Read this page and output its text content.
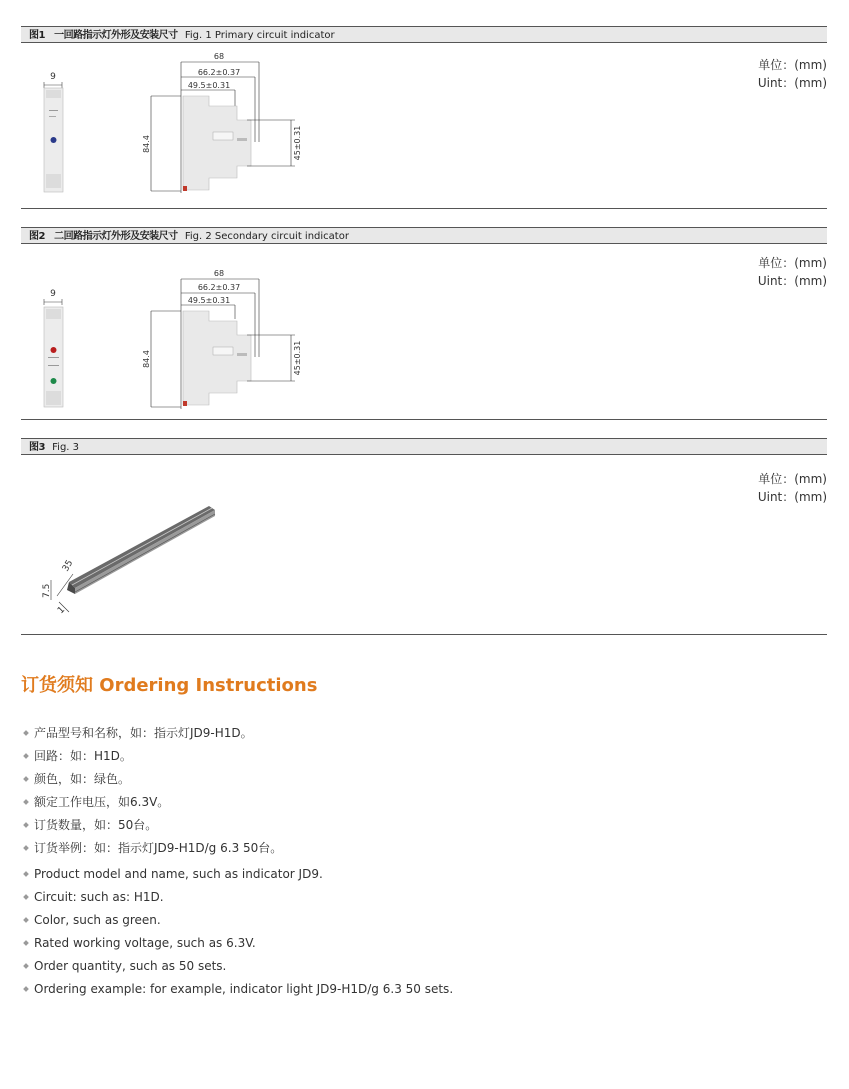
图1 一回路指示灯外形及安装尺寸 Fig. 1 Primary circuit indicator
单位：(mm)
Uint：(mm)
9
68
66.2±0.37
49.5±0.31
84.4	45±0.31
图2 二回路指示灯外形及安装尺寸 Fig. 2 Secondary circuit indicator
单位：(mm)
Uint：(mm)
9
68
66.2±0.37
49.5±0.31
84.4	45±0.31
图3 Fig. 3
单位：(mm)
Uint：(mm)
35
7.5
1
订货须知 Ordering Instructions
产品型号和名称，如：指示灯JD9-H1D。
回路：如：H1D。
颜色，如：绿色。
额定工作电压，如6.3V。
订货数量，如：50台。
订货举例：如：指示灯JD9-H1D/g 6.3 50台。
Product model and name, such as indicator JD9.
Circuit: such as: H1D.
Color, such as green.
Rated working voltage, such as 6.3V.
Order quantity, such as 50 sets.
Ordering example: for example, indicator light JD9-H1D/g 6.3 50 sets.
